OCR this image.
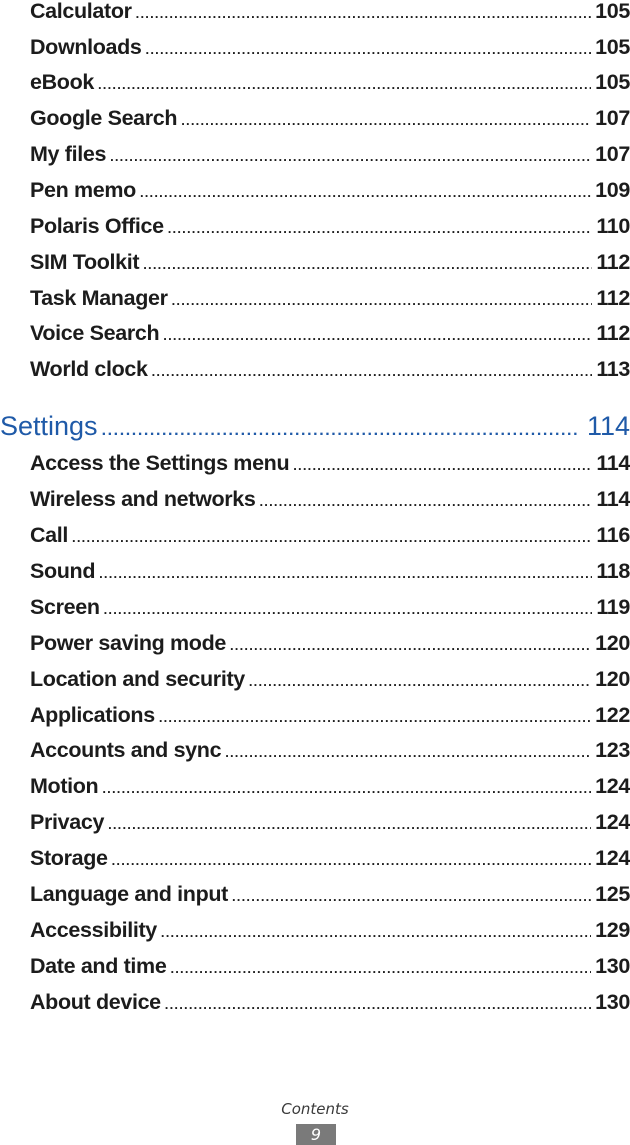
Calculator .....	105
Downloads .....	105
eBook .....	105
Google Search .....	107
My files .....	107
Pen memo .....	109
Polaris Office .....	110
SIM Toolkit .....	112
Task Manager .....	112
Voice Search .....	112
World clock .....	113
Settings .....	114
Access the Settings menu .....	114
Wireless and networks .....	114
Call .....	116
Sound .....	118
Screen .....	119
Power saving mode .....	120
Location and security .....	120
Applications .....	122
Accounts and sync .....	123
Motion .....	124
Privacy .....	124
Storage .....	124
Language and input .....	125
Accessibility .....	129
Date and time .....	130
About device .....	130
Contents
9
